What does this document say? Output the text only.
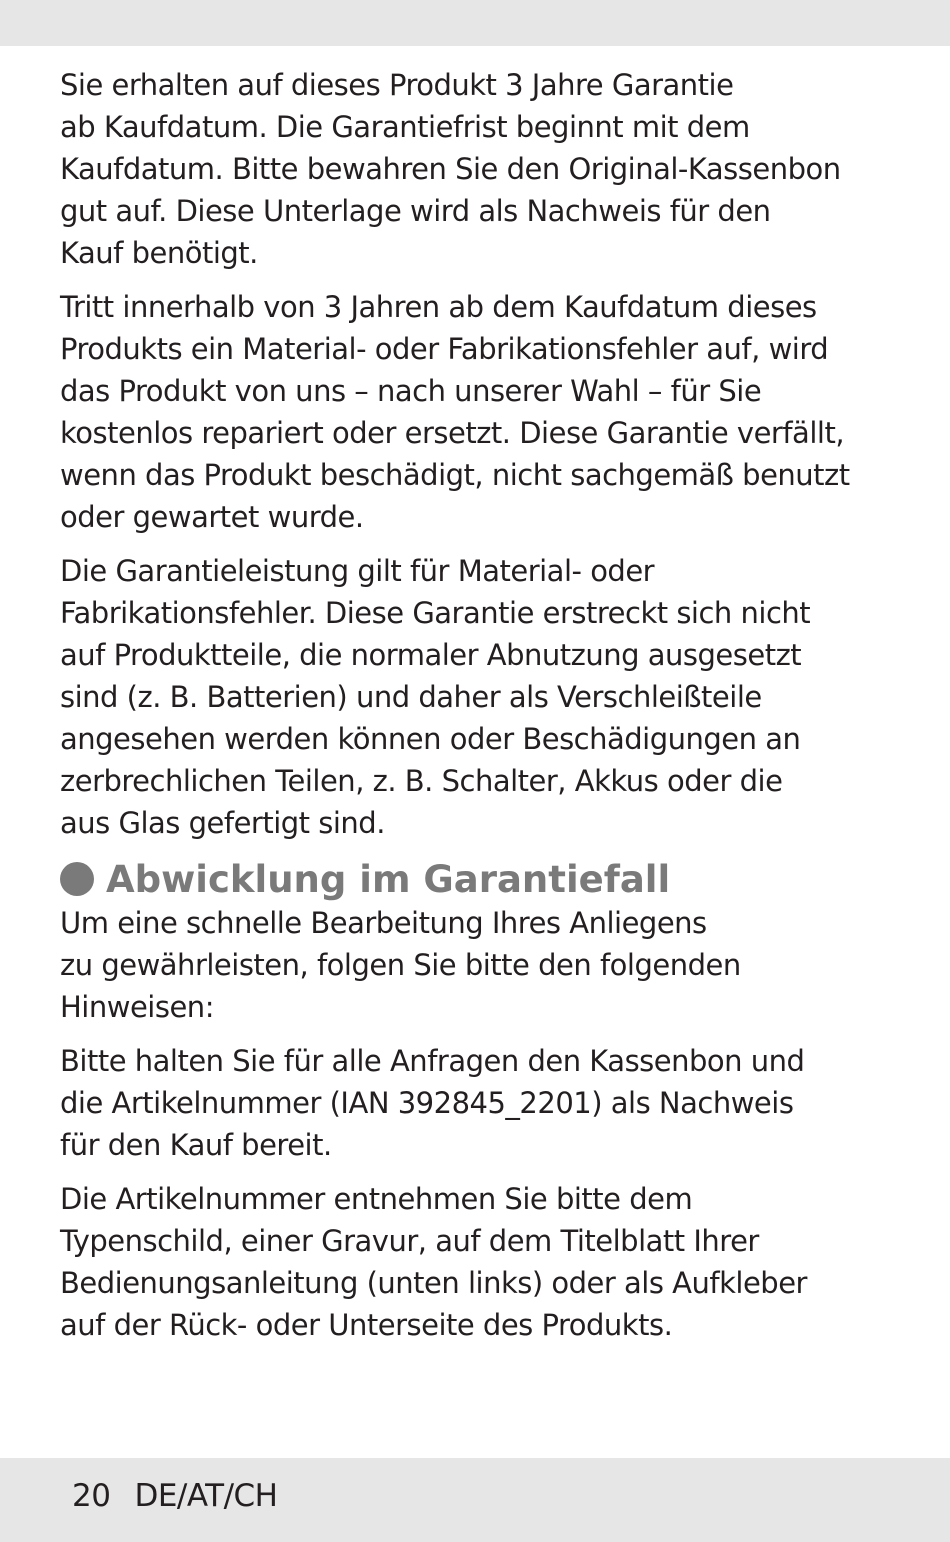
Sie erhalten auf dieses Produkt 3 Jahre Garantie
ab Kaufdatum. Die Garantiefrist beginnt mit dem
Kaufdatum. Bitte bewahren Sie den Original-Kassenbon
gut auf. Diese Unterlage wird als Nachweis für den
Kauf benötigt.

Tritt innerhalb von 3 Jahren ab dem Kaufdatum dieses
Produkts ein Material- oder Fabrikationsfehler auf, wird
das Produkt von uns – nach unserer Wahl – für Sie
kostenlos repariert oder ersetzt. Diese Garantie verfällt,
wenn das Produkt beschädigt, nicht sachgemäß benutzt
oder gewartet wurde.

Die Garantieleistung gilt für Material- oder
Fabrikationsfehler. Diese Garantie erstreckt sich nicht
auf Produktteile, die normaler Abnutzung ausgesetzt
sind (z. B. Batterien) und daher als Verschleißteile
angesehen werden können oder Beschädigungen an
zerbrechlichen Teilen, z. B. Schalter, Akkus oder die
aus Glas gefertigt sind.

Abwicklung im Garantiefall

Um eine schnelle Bearbeitung Ihres Anliegens
zu gewährleisten, folgen Sie bitte den folgenden
Hinweisen:

Bitte halten Sie für alle Anfragen den Kassenbon und
die Artikelnummer (IAN 392845_2201) als Nachweis
für den Kauf bereit.

Die Artikelnummer entnehmen Sie bitte dem
Typenschild, einer Gravur, auf dem Titelblatt Ihrer
Bedienungsanleitung (unten links) oder als Aufkleber
auf der Rück- oder Unterseite des Produkts.

20 DE/AT/CH
